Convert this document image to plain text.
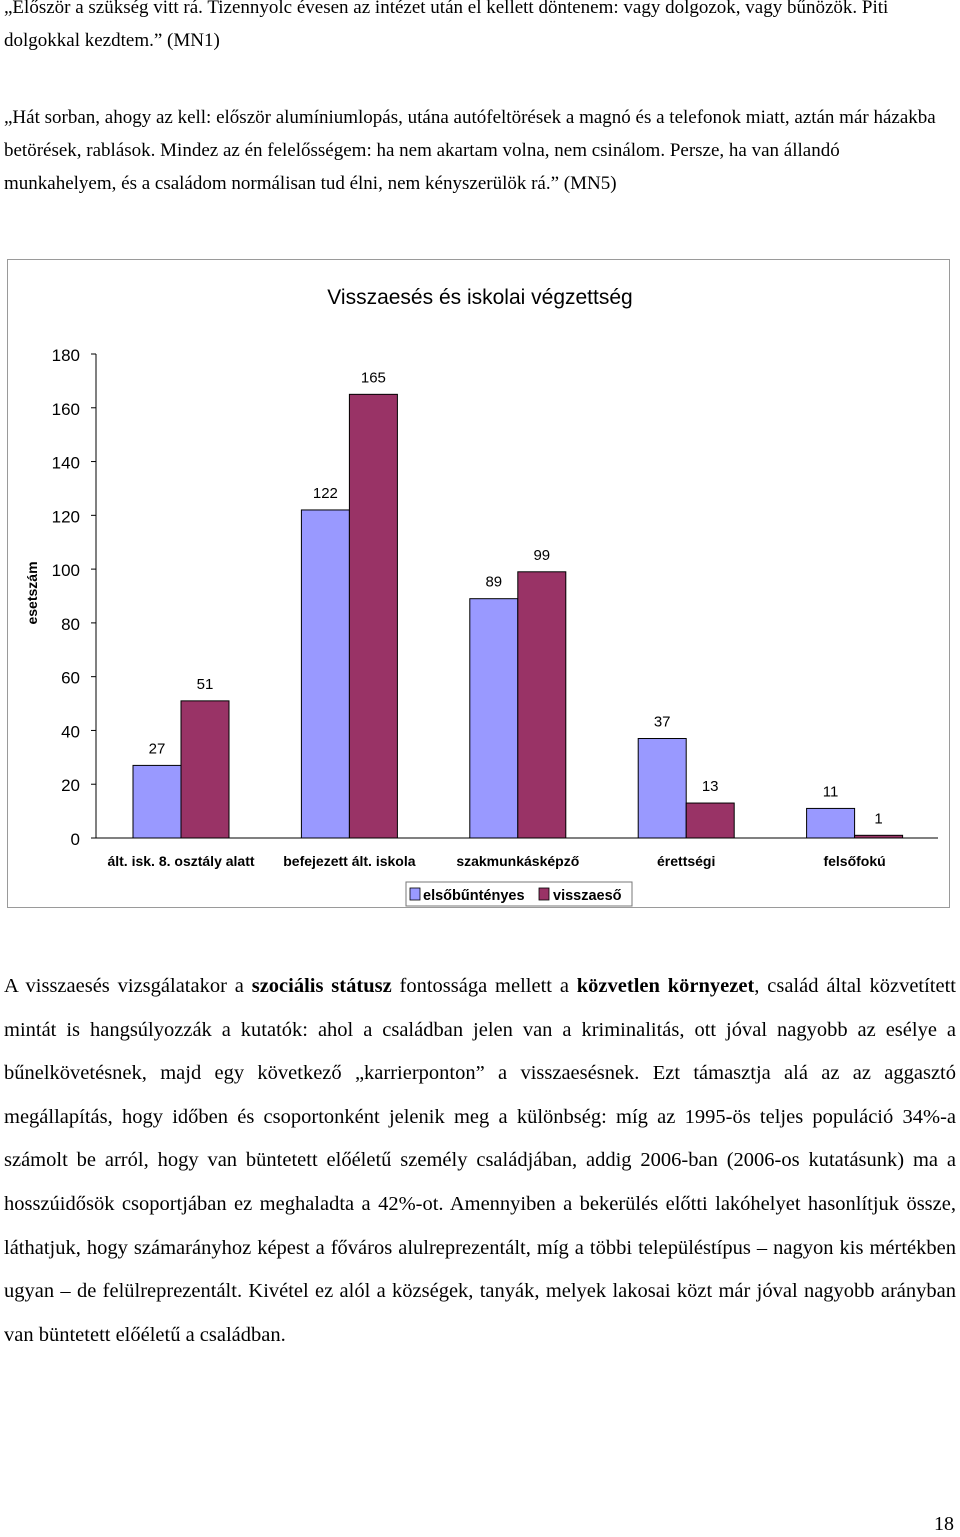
„Először a szükség vitt rá. Tizennyolc évesen az intézet után el kellett döntenem: vagy dolgozok, vagy bűnözök. Piti dolgokkal kezdtem.” (MN1)

„Hát sorban, ahogy az kell: először alumíniumlopás, utána autófeltörések a magnó és a telefonok miatt, aztán már házakba betörések, rablások. Mindez az én felelősségem: ha nem akartam volna, nem csinálom. Persze, ha van állandó munkahelyem, és a családom normálisan tud élni, nem kényszerülök rá.” (MN5)

Visszaesés és iskolai végzettség
esetszám
0
20
40
60
80
100
120
140
160
180
27
51
122
165
89
99
37
13	11
1
ált. isk. 8. osztály alatt befejezett ált. iskola	szakmunkásképző	érettségi	felsőfokú
elsőbűntényes visszaeső

A visszaesés vizsgálatakor a szociális státusz fontossága mellett a közvetlen környezet, család által közvetített mintát is hangsúlyozzák a kutatók: ahol a családban jelen van a kriminalitás, ott jóval nagyobb az esélye a bűnelkövetésnek, majd egy következő „karrierponton” a visszaesésnek. Ezt támasztja alá az az aggasztó megállapítás, hogy időben és csoportonként jelenik meg a különbség: míg az 1995-ös teljes populáció 34%-a számolt be arról, hogy van büntetett előéletű személy családjában, addig 2006-ban (2006-os kutatásunk) ma a hosszúidősök csoportjában ez meghaladta a 42%-ot. Amennyiben a bekerülés előtti lakóhelyet hasonlítjuk össze, láthatjuk, hogy számarányhoz képest a főváros alulreprezentált, míg a többi településtípus – nagyon kis mértékben ugyan – de felülreprezentált. Kivétel ez alól a községek, tanyák, melyek lakosai közt már jóval nagyobb arányban van büntetett előéletű a családban.

18
